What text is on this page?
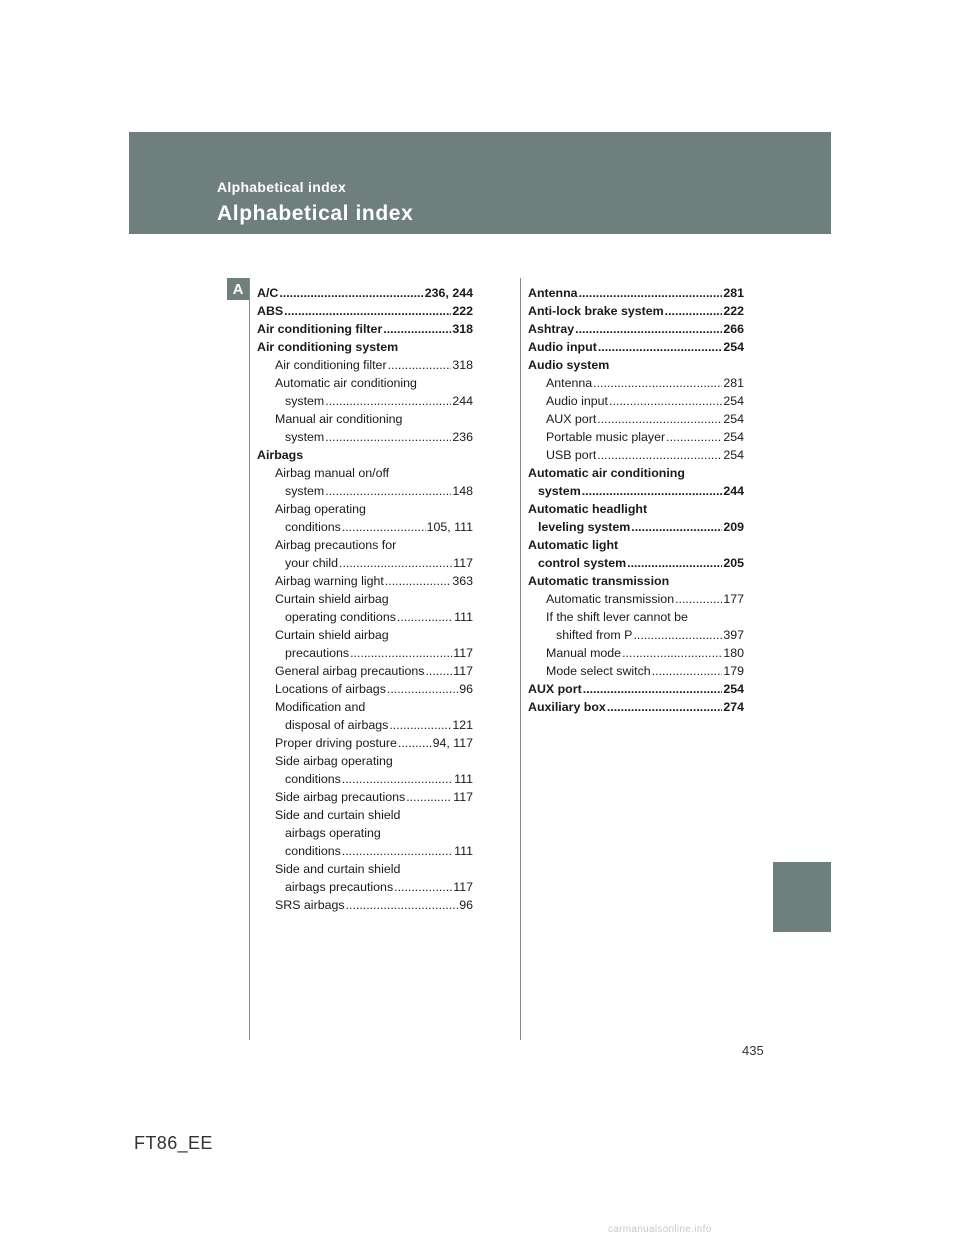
Alphabetical index
Alphabetical index
A	A/C .....	236, 244
ABS .....	222
Air conditioning filter .....	318
Air conditioning system
Air conditioning filter .....	318
Automatic air conditioning
system .....	244
Manual air conditioning
system .....	236
Airbags
Airbag manual on/off
system .....	148
Airbag operating
conditions .....	105, 111
Airbag precautions for
your child .....	117
Airbag warning light .....	363
Curtain shield airbag
operating conditions .....	111
Curtain shield airbag
precautions .....	117
General airbag precautions ..... 117
Locations of airbags .....	96
Modification and
disposal of airbags .....	121
Proper driving posture .....	94, 117
Side airbag operating
conditions .....	111
Side airbag precautions .....	117
Side and curtain shield
airbags operating
conditions .....	111
Side and curtain shield
airbags precautions .....	117
SRS airbags .....	96
Antenna .....	281
Anti-lock brake system .....	222
Ashtray .....	266
Audio input .....	254
Audio system
Antenna .....	281
Audio input .....	254
AUX port .....	254
Portable music player .....	254
USB port .....	254
Automatic air conditioning
system .....	244
Automatic headlight
leveling system .....	209
Automatic light
control system .....	205
Automatic transmission
Automatic transmission .....	177
If the shift lever cannot be
shifted from P .....	397
Manual mode .....	180
Mode select switch .....	179
AUX port .....	254
Auxiliary box .....	274
435
FT86_EE
carmanualsonline.info
